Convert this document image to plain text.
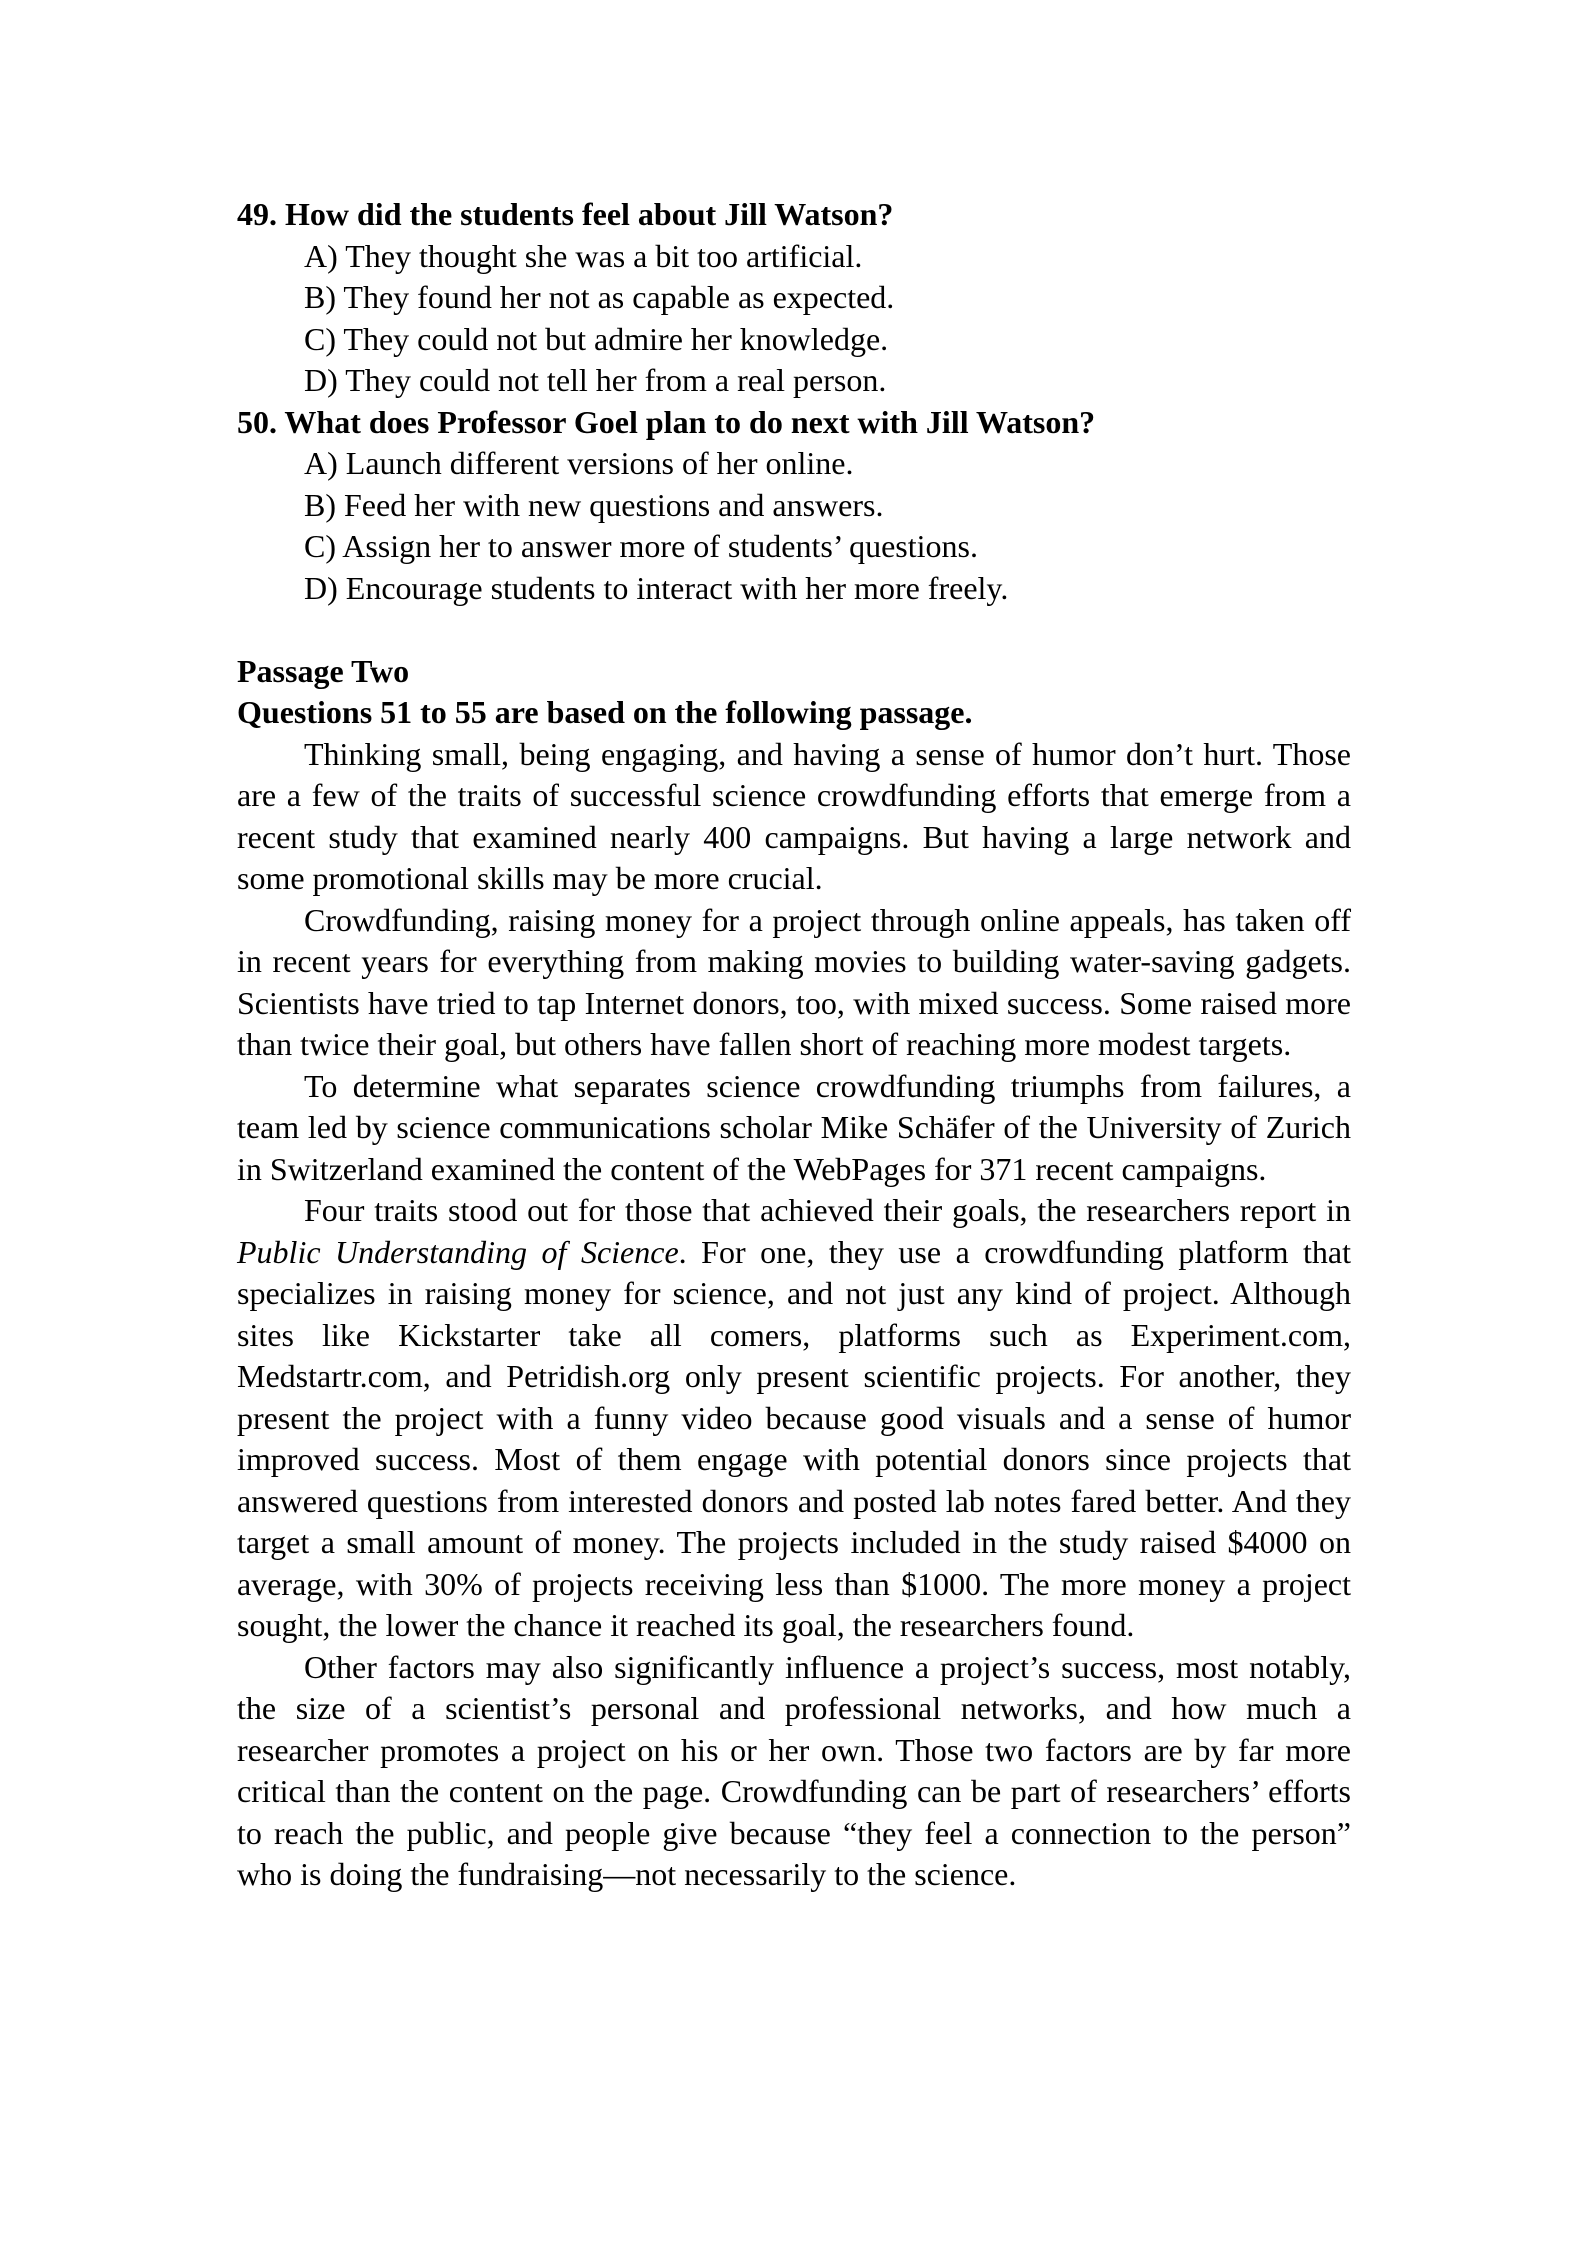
49. How did the students feel about Jill Watson?
A) They thought she was a bit too artificial.
B) They found her not as capable as expected.
C) They could not but admire her knowledge.
D) They could not tell her from a real person.
50. What does Professor Goel plan to do next with Jill Watson?
A) Launch different versions of her online.
B) Feed her with new questions and answers.
C) Assign her to answer more of students’ questions.
D) Encourage students to interact with her more freely.
Passage Two
Questions 51 to 55 are based on the following passage.

Thinking small, being engaging, and having a sense of humor don’t hurt. Those are a few of the traits of successful science crowdfunding efforts that emerge from a recent study that examined nearly 400 campaigns. But having a large network and some promotional skills may be more crucial.

Crowdfunding, raising money for a project through online appeals, has taken off in recent years for everything from making movies to building water-saving gadgets. Scientists have tried to tap Internet donors, too, with mixed success. Some raised more than twice their goal, but others have fallen short of reaching more modest targets.

To determine what separates science crowdfunding triumphs from failures, a team led by science communications scholar Mike Schäfer of the University of Zurich in Switzerland examined the content of the WebPages for 371 recent campaigns.

Four traits stood out for those that achieved their goals, the researchers report in Public Understanding of Science. For one, they use a crowdfunding platform that specializes in raising money for science, and not just any kind of project. Although sites like Kickstarter take all comers, platforms such as Experiment.com, Medstartr.com, and Petridish.org only present scientific projects. For another, they present the project with a funny video because good visuals and a sense of humor improved success. Most of them engage with potential donors since projects that answered questions from interested donors and posted lab notes fared better. And they target a small amount of money. The projects included in the study raised $4000 on average, with 30% of projects receiving less than $1000. The more money a project sought, the lower the chance it reached its goal, the researchers found.

Other factors may also significantly influence a project’s success, most notably, the size of a scientist’s personal and professional networks, and how much a researcher promotes a project on his or her own. Those two factors are by far more critical than the content on the page. Crowdfunding can be part of researchers’ efforts to reach the public, and people give because “they feel a connection to the person” who is doing the fundraising—not necessarily to the science.
